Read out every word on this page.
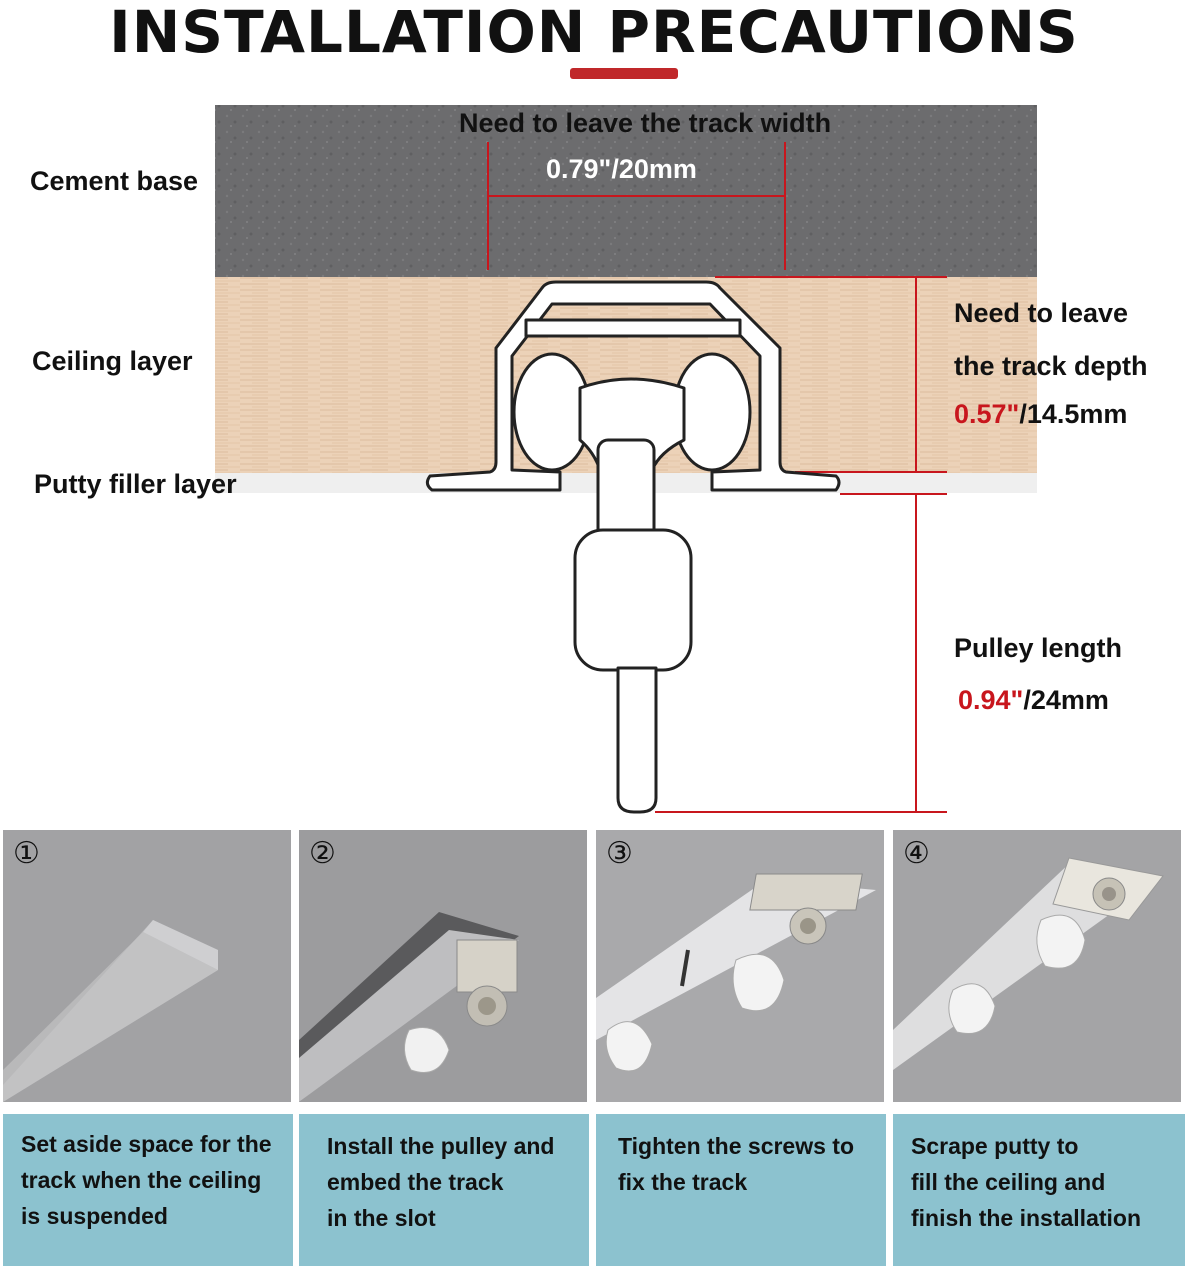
INSTALLATION PRECAUTIONS
Cement base
Ceiling layer
Putty filler layer
Need to leave the track width
0.79"/20mm
Need to leave
the track depth
0.57"/14.5mm
Pulley length
0.94"/24mm
①	②	③	④
Set aside space for the
track when the ceiling
is suspended
Install the pulley and
embed the track
in the slot
Tighten the screws to
fix the track
Scrape putty to
fill the ceiling and
finish the installation
